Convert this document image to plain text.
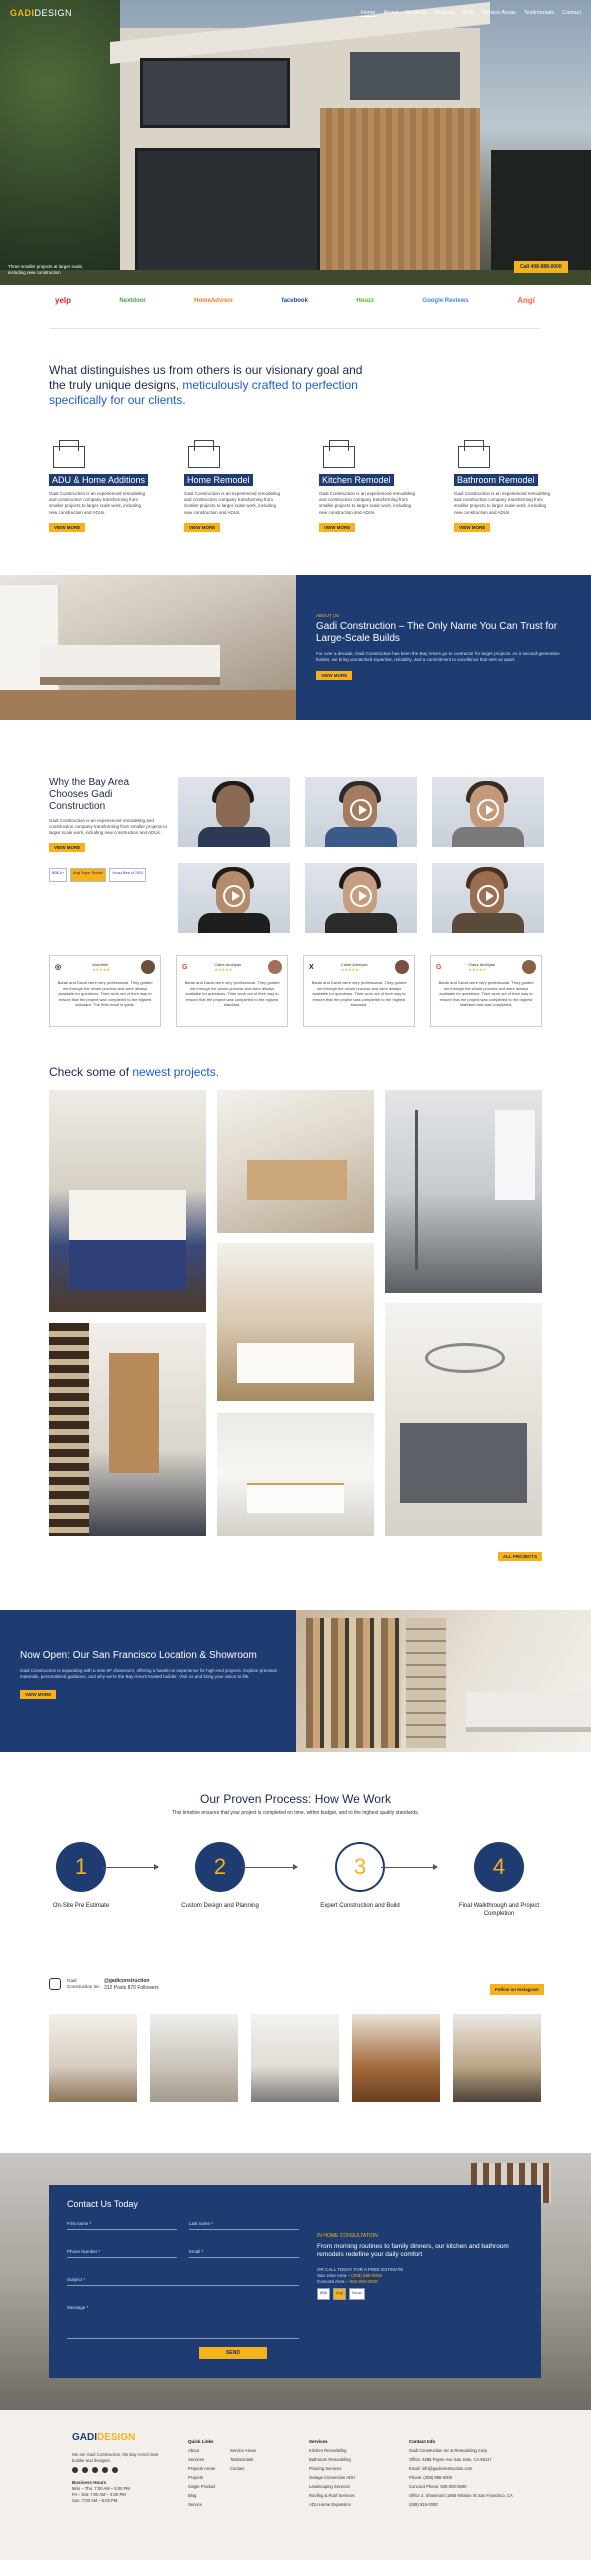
GADIDESIGN	Home About Services Projects Blog Service Areas Testimonials Contact
Three smaller projects at larger scale, including new construction
Call 408-888-0000
yelp	Nextdoor	HomeAdvisor	facebook	Houzz	Google Reviews	Angi
What distinguishes us from others is our visionary goal and the truly unique designs, meticulously crafted to perfection specifically for our clients.
ADU & Home Additions
Gadi Construction is an experienced remodeling and construction company transforming from smaller projects to larger scale work, including new construction and ADUs.
VIEW MORE
Home Remodel
Gadi Construction is an experienced remodeling and construction company transforming from smaller projects to larger scale work, including new construction and ADUs.
VIEW MORE
Kitchen Remodel
Gadi Construction is an experienced remodeling and construction company transforming from smaller projects to larger scale work, including new construction and ADUs.
VIEW MORE
Bathroom Remodel
Gadi Construction is an experienced remodeling and construction company transforming from smaller projects to larger scale work, including new construction and ADUs.
VIEW MORE
ABOUT US
Gadi Construction – The Only Name You Can Trust for Large-Scale Builds
For over a decade, Gadi Construction has been the Bay Area's go-to contractor for larger projects. As a second-generation builder, we bring unmatched expertise, reliability, and a commitment to excellence that sets us apart.
VIEW MORE
Why the Bay Area Chooses Gadi Construction

Gadi Construction is an experienced remodeling and construction company transforming from smaller projects to larger scale work, including new construction and ADUs.

VIEW MORE
BBB A+	Angi Super Service	Houzz Best of 2024
◎	charmtile
★★★★★
Barak and David were very professional. They guided me through the whole process and were always available for questions. Their work out of their way to ensure that the project was completed to the highest standard. The final result is great.
G	Claire Amelyan
★★★★★
Barak and David were very professional. They guided me through the whole process and were always available for questions. Their work out of their way to ensure that the project was completed to the highest standard.
X	Claire Amelyan
★★★★★
Barak and David were very professional. They guided me through the whole process and were always available for questions. Their work out of their way to ensure that the project was completed to the highest standard.
G	Claire Amelyan
★★★★★
Barak and David were very professional. They guided me through the whole process and were always available for questions. Their work out of their way to ensure that the project was completed to the highest standard and was completed.
Check some of newest projects.
ALL PROJECTS
Now Open: Our San Francisco Location & Showroom
Gadi Construction is expanding with a new SF showroom, offering a hands-on experience for high-end projects. Explore premium materials, personalized guidance, and why we're the Bay Area's trusted builder. Visit us and bring your vision to life.
VIEW MORE
Our Proven Process: How We Work
This timeline ensures that your project is completed on time, within budget, and to the highest quality standards.
1
On-Site Pre Estimate
2
Custom Design and Planning
3
Expert Construction and Build
4
Final Walkthrough and Project Completion
Gadi
Construction Inc.
@gadiconstruction
312 Posts 870 Followers	Follow on Instagram
Contact Us Today
First name *	Last name *
Phone Number *	Email *
Subject *
Message *
SEND
IN HOME CONSULTATION
From morning routines to family dinners, our kitchen and bathroom remodels redefine your daily comfort
OR CALL TODAY FOR A FREE ESTIMATE
San Jose Area – (408) 888-0000
Concord Area – 925-000-0000
BBB	Angi	Houzz
GADIDESIGN
We are Gadi Construction, the Bay Area's best builder and designer.
Business Hours
Mon – Thu: 7:00 AM – 5:00 PM
Fri – Sat: 7:00 AM – 5:00 PM
Sun: 7:00 AM – 5:00 PM
Quick Links
About
Services
Projects Areas
Projects
Single Product
Blog
Service
Service Areas
Testimonials
Contact
Services
Kitchen Remodeling
Bathroom Remodeling
Flooring Services
Garage Conversion ADU
Landscaping Services
Roofing & Roof Services
ADU Home Expansion
Contact Info
Gadi Construction Inc & Remodeling Corp
Office: 4285 Payne Ave San Jose, CA 95117
Email: info@gadiconstruction.com
Phone: (408) 888-0000
Concord Phone: 925-000-0000
Office 2: Showroom 1855 Mission St San Francisco, CA
(408) 816-0000
